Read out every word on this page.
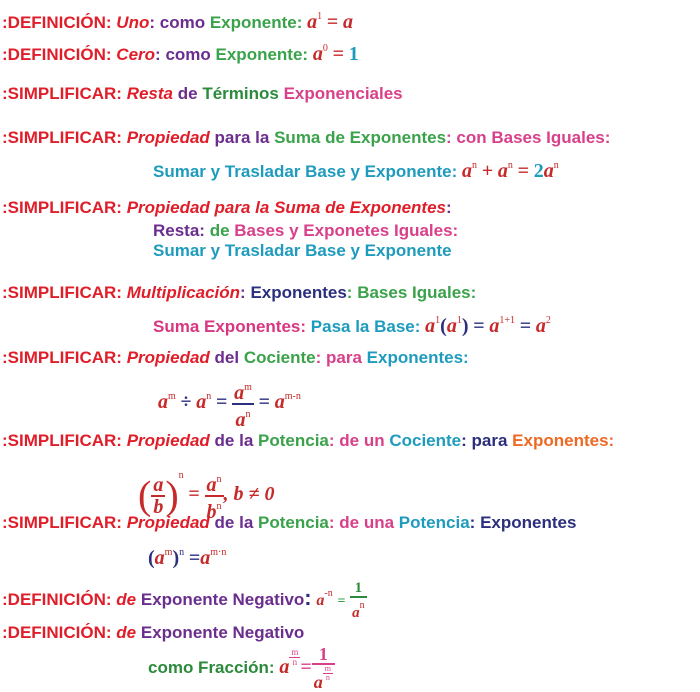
:DEFINICIÓN: Uno: como Exponente: $a^1 = a$
:DEFINICIÓN: Cero: como Exponente: $a^0 = 1$
:SIMPLIFICAR: Resta de Términos Exponenciales
:SIMPLIFICAR: Propiedad para la Suma de Exponentes: con Bases Iguales:
Sumar y Trasladar Base y Exponente: $a^n + a^n = 2a^n$
:SIMPLIFICAR: Propiedad para la Suma de Exponentes:
Resta: de Bases y Exponetes Iguales:
Sumar y Trasladar Base y Exponente
:SIMPLIFICAR: Multiplicación: Exponentes: Bases Iguales:
Suma Exponentes: Pasa la Base: $a^1(a^1) = a^{1+1} = a^2$
:SIMPLIFICAR: Propiedad del Cociente: para Exponentes:
$a^m \div a^n = \frac{a^m}{a^n} = a^{m-n}$
:SIMPLIFICAR: Propiedad de la Potencia: de un Cociente: para Exponentes:
( $\frac{a}{b} )^n = \frac{a^n}{b^n}$ , b ≠ 0
:SIMPLIFICAR: Propiedad de la Potencia: de una Potencia: Exponentes
$(a^m)^n =a^{m\cdot n}$
:DEFINICIÓN: de Exponente Negativo: $a^{-n} = \frac{1}{a^n}$
:DEFINICIÓN: de Exponente Negativo
como Fracción: a $\frac{m}{n} = \frac{1}{a \frac{m}{n}}$
